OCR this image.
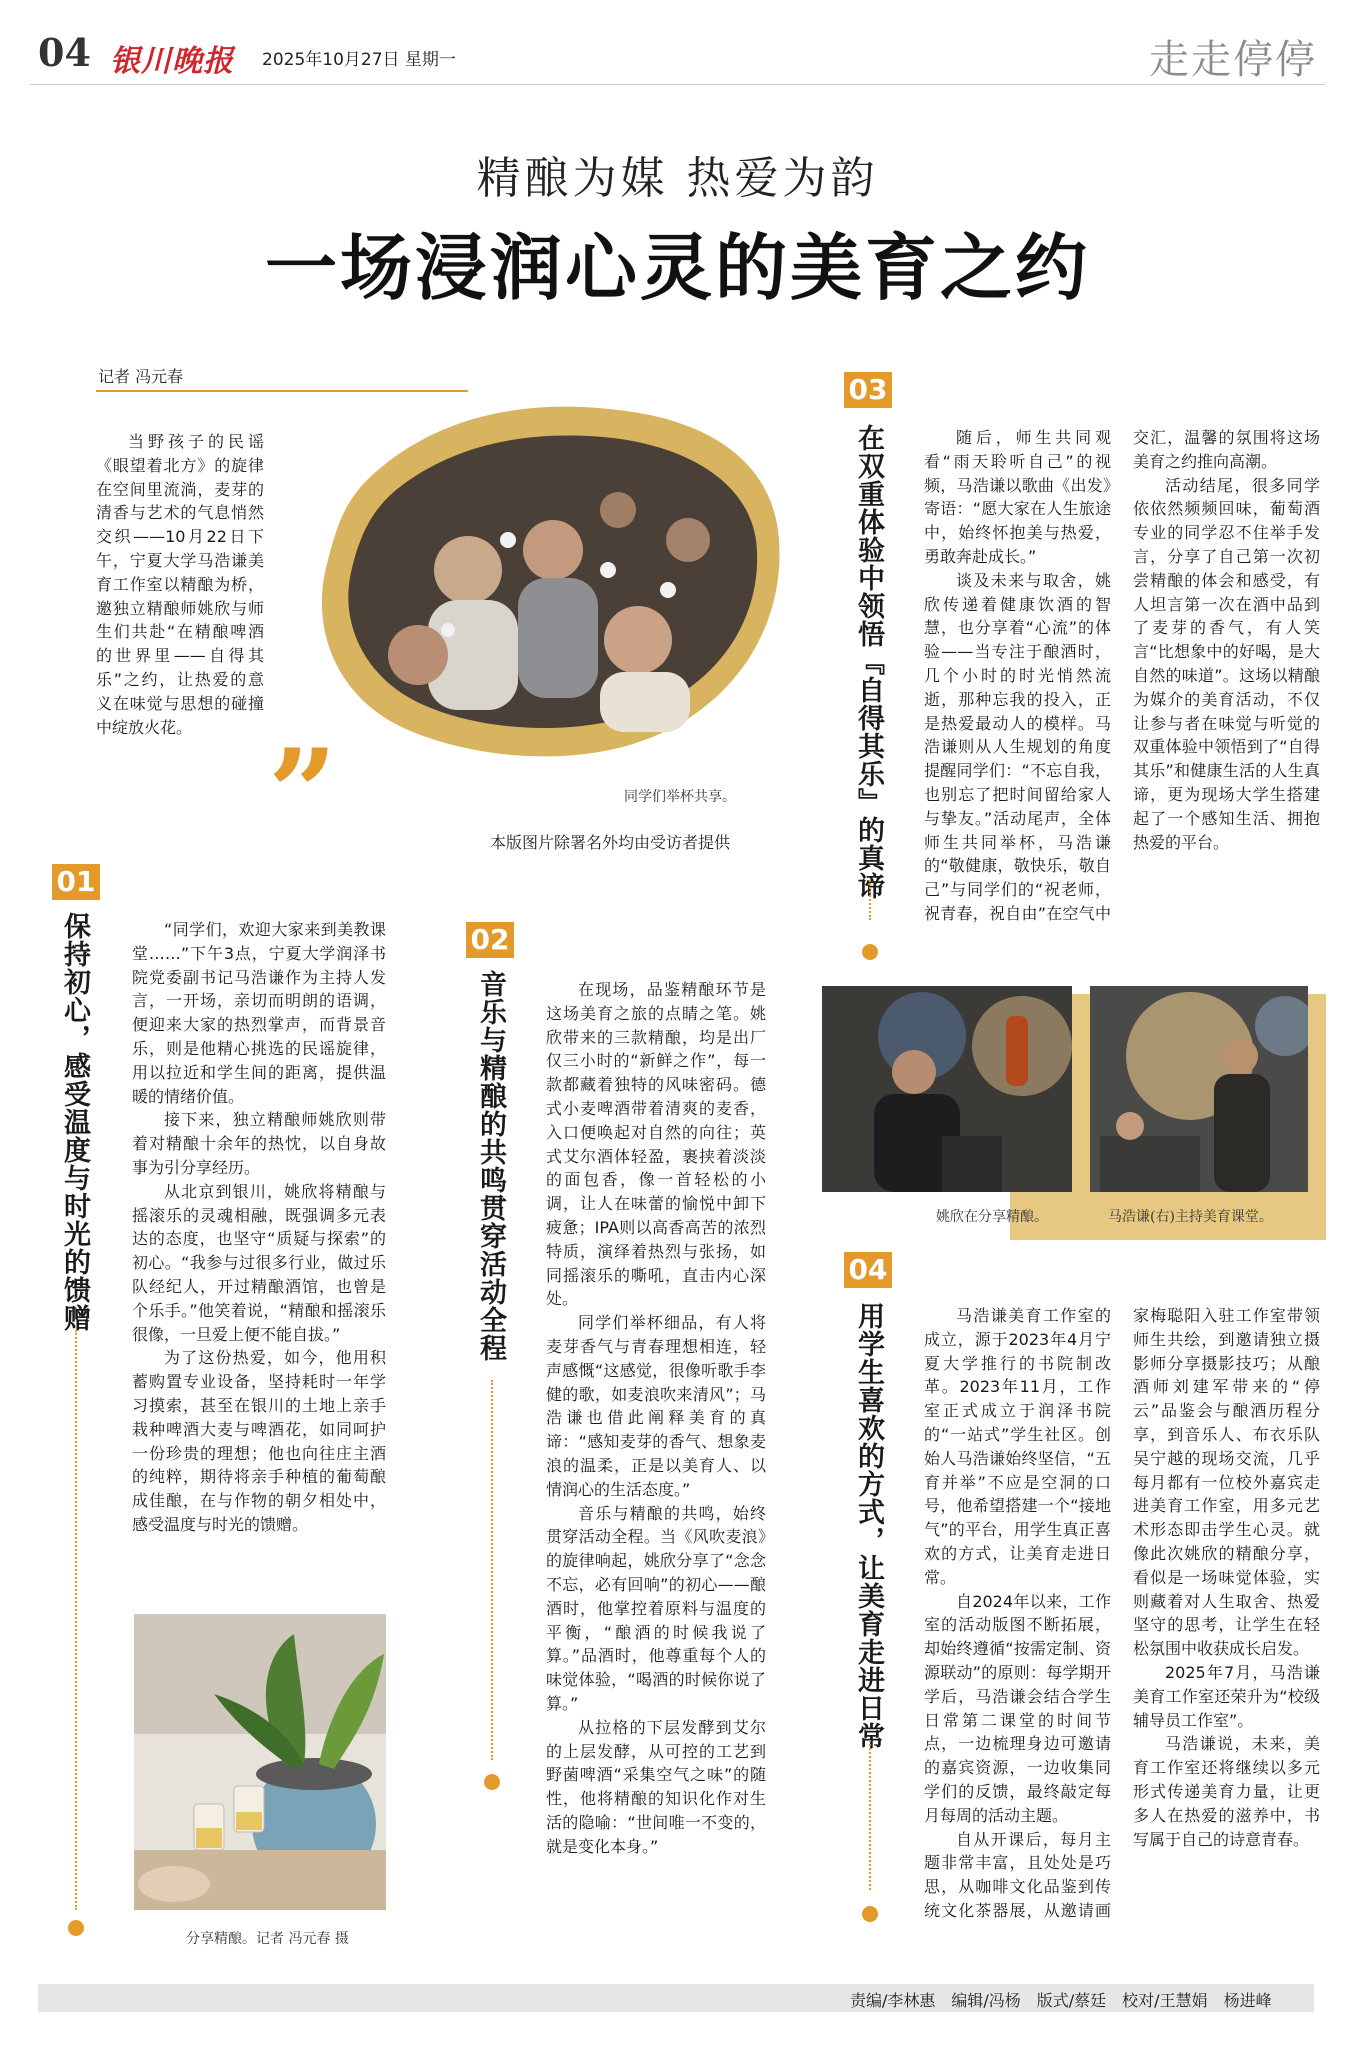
04 银川晚报 2025年10月27日 星期一	走走停停
精酿为媒 热爱为韵
一场浸润心灵的美育之约
记者 冯元春

当野孩子的民谣《眼望着北方》的旋律在空间里流淌，麦芽的清香与艺术的气息悄然交织——10月22日下午，宁夏大学马浩谦美育工作室以精酿为桥，邀独立精酿师姚欣与师生们共赴“在精酿啤酒的世界里——自得其乐”之约，让热爱的意义在味觉与思想的碰撞中绽放火花。 ”	同学们举杯共享。
本版图片除署名外均由受访者提供
01
保持初心，感受温度与时光的馈赠	“同学们，欢迎大家来到美教课堂……”下午3点，宁夏大学润泽书院党委副书记马浩谦作为主持人发言，一开场，亲切而明朗的语调，便迎来大家的热烈掌声，而背景音乐，则是他精心挑选的民谣旋律，用以拉近和学生间的距离，提供温暖的情绪价值。

接下来，独立精酿师姚欣则带着对精酿十余年的热忱，以自身故事为引分享经历。

从北京到银川，姚欣将精酿与摇滚乐的灵魂相融，既强调多元表达的态度，也坚守“质疑与探索”的初心。“我参与过很多行业，做过乐队经纪人，开过精酿酒馆，也曾是个乐手。”他笑着说，“精酿和摇滚乐很像，一旦爱上便不能自拔。”

为了这份热爱，如今，他用积蓄购置专业设备，坚持耗时一年学习摸索，甚至在银川的土地上亲手栽种啤酒大麦与啤酒花，如同呵护一份珍贵的理想；他也向往庄主酒的纯粹，期待将亲手种植的葡萄酿成佳酿，在与作物的朝夕相处中，感受温度与时光的馈赠。

分享精酿。记者 冯元春 摄
02
音乐与精酿的共鸣贯穿活动全程	在现场，品鉴精酿环节是这场美育之旅的点睛之笔。姚欣带来的三款精酿，均是出厂仅三小时的“新鲜之作”，每一款都藏着独特的风味密码。德式小麦啤酒带着清爽的麦香，入口便唤起对自然的向往；英式艾尔酒体轻盈，裹挟着淡淡的面包香，像一首轻松的小调，让人在味蕾的愉悦中卸下疲惫；IPA则以高香高苦的浓烈特质，演绎着热烈与张扬，如同摇滚乐的嘶吼，直击内心深处。

同学们举杯细品，有人将麦芽香气与青春理想相连，轻声感慨“这感觉，很像听歌手李健的歌，如麦浪吹来清风”；马浩谦也借此阐释美育的真谛：“感知麦芽的香气、想象麦浪的温柔，正是以美育人、以情润心的生活态度。”

音乐与精酿的共鸣，始终贯穿活动全程。当《风吹麦浪》的旋律响起，姚欣分享了“念念不忘，必有回响”的初心——酿酒时，他掌控着原料与温度的平衡，“酿酒的时候我说了算。”品酒时，他尊重每个人的味觉体验，“喝酒的时候你说了算。”

从拉格的下层发酵到艾尔的上层发酵，从可控的工艺到野菌啤酒“采集空气之味”的随性，他将精酿的知识化作对生活的隐喻：“世间唯一不变的，就是变化本身。”

03
在双重体验中领悟『自得其乐』的真谛	随后，师生共同观看“雨天聆听自己”的视频，马浩谦以歌曲《出发》寄语：“愿大家在人生旅途中，始终怀抱美与热爱，勇敢奔赴成长。”

谈及未来与取舍，姚欣传递着健康饮酒的智慧，也分享着“心流”的体验——当专注于酿酒时，几个小时的时光悄然流逝，那种忘我的投入，正是热爱最动人的模样。马浩谦则从人生规划的角度提醒同学们：“不忘自我，也别忘了把时间留给家人与挚友。”活动尾声，全体师生共同举杯，马浩谦的“敬健康，敬快乐，敬自己”与同学们的“祝老师，祝青春，祝自由”在空气中交汇，温馨的氛围将这场美育之约推向高潮。

活动结尾，很多同学依依然频频回味，葡萄酒专业的同学忍不住举手发言，分享了自己第一次初尝精酿的体会和感受，有人坦言第一次在酒中品到了麦芽的香气，有人笑言“比想象中的好喝，是大自然的味道”。这场以精酿为媒介的美育活动，不仅让参与者在味觉与听觉的双重体验中领悟到了“自得其乐”和健康生活的人生真谛，更为现场大学生搭建起了一个感知生活、拥抱热爱的平台。

姚欣在分享精酿。	马浩谦(右)主持美育课堂。
04
用学生喜欢的方式，让美育走进日常	马浩谦美育工作室的成立，源于2023年4月宁夏大学推行的书院制改革。2023年11月，工作室正式成立于润泽书院的“一站式”学生社区。创始人马浩谦始终坚信，“五育并举”不应是空洞的口号，他希望搭建一个“接地气”的平台，用学生真正喜欢的方式，让美育走进日常。

自2024年以来，工作室的活动版图不断拓展，却始终遵循“按需定制、资源联动”的原则：每学期开学后，马浩谦会结合学生日常第二课堂的时间节点，一边梳理身边可邀请的嘉宾资源，一边收集同学们的反馈，最终敲定每月每周的活动主题。

自从开课后，每月主题非常丰富，且处处是巧思，从咖啡文化品鉴到传统文化茶器展，从邀请画家梅聪阳入驻工作室带领师生共绘，到邀请独立摄影师分享摄影技巧；从酿酒师刘建军带来的“停云”品鉴会与酿酒历程分享，到音乐人、布衣乐队吴宁越的现场交流，几乎每月都有一位校外嘉宾走进美育工作室，用多元艺术形态即击学生心灵。就像此次姚欣的精酿分享，看似是一场味觉体验，实则藏着对人生取舍、热爱坚守的思考，让学生在轻松氛围中收获成长启发。

2025年7月，马浩谦美育工作室还荣升为“校级辅导员工作室”。

马浩谦说，未来，美育工作室还将继续以多元形式传递美育力量，让更多人在热爱的滋养中，书写属于自己的诗意青春。

责编/李林惠　编辑/冯杨　版式/蔡廷　校对/王慧娟　杨进峰
